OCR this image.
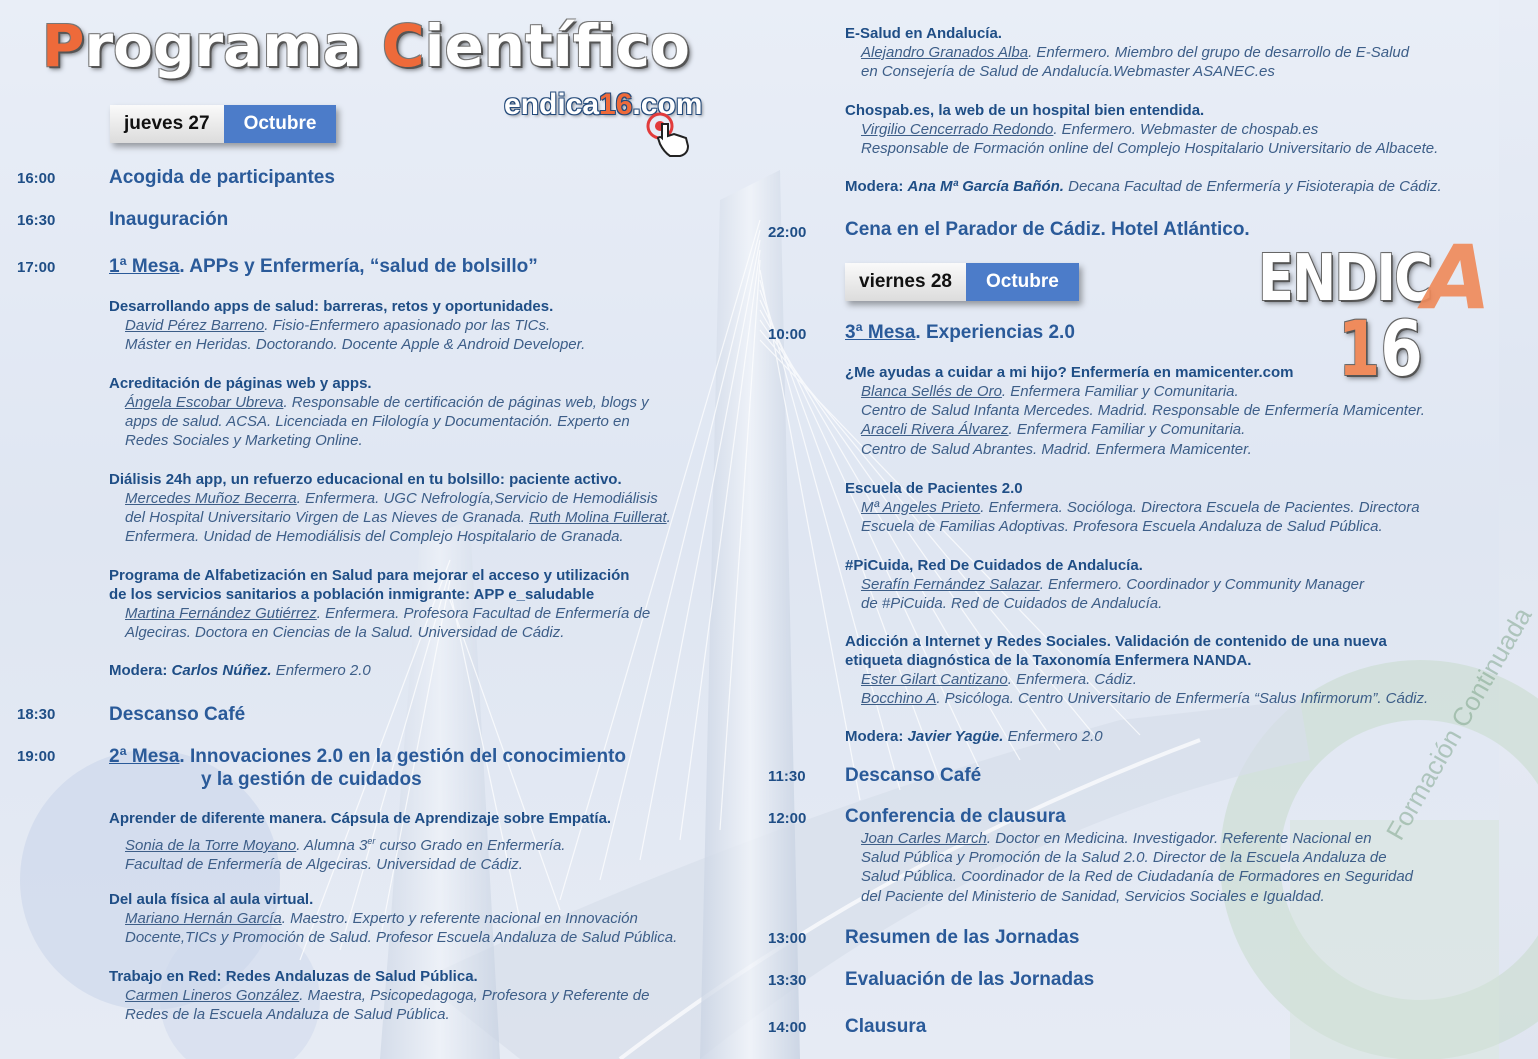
Formación Continuada
Programa Científico
endica16.com
jueves 27	Octubre
16:00	Acogida de participantes
16:30	Inauguración
17:00	1ª Mesa. APPs y Enfermería, “salud de bolsillo”
Desarrollando apps de salud: barreras, retos y oportunidades.
David Pérez Barreno. Fisio-Enfermero apasionado por las TICs.
Máster en Heridas. Doctorando. Docente Apple & Android Developer.
Acreditación de páginas web y apps.
Ángela Escobar Ubreva. Responsable de certificación de páginas web, blogs y
apps de salud. ACSA. Licenciada en Filología y Documentación. Experto en
Redes Sociales y Marketing Online.
Diálisis 24h app, un refuerzo educacional en tu bolsillo: paciente activo.
Mercedes Muñoz Becerra. Enfermera. UGC Nefrología,Servicio de Hemodiálisis
del Hospital Universitario Virgen de Las Nieves de Granada. Ruth Molina Fuillerat.
Enfermera. Unidad de Hemodiálisis del Complejo Hospitalario de Granada.
Programa de Alfabetización en Salud para mejorar el acceso y utilización
de los servicios sanitarios a población inmigrante: APP e_saludable
Martina Fernández Gutiérrez. Enfermera. Profesora Facultad de Enfermería de
Algeciras. Doctora en Ciencias de la Salud. Universidad de Cádiz.
Modera: Carlos Núñez. Enfermero 2.0
18:30	Descanso Café
19:00	2ª Mesa. Innovaciones 2.0 en la gestión del conocimiento
y la gestión de cuidados
Aprender de diferente manera. Cápsula de Aprendizaje sobre Empatía.
Sonia de la Torre Moyano. Alumna 3er curso Grado en Enfermería.
Facultad de Enfermería de Algeciras. Universidad de Cádiz.
Del aula física al aula virtual.
Mariano Hernán García. Maestro. Experto y referente nacional en Innovación
Docente,TICs y Promoción de Salud. Profesor Escuela Andaluza de Salud Pública.
Trabajo en Red: Redes Andaluzas de Salud Pública.
Carmen Lineros González. Maestra, Psicopedagoga, Profesora y Referente de
Redes de la Escuela Andaluza de Salud Pública.
E-Salud en Andalucía.
Alejandro Granados Alba. Enfermero. Miembro del grupo de desarrollo de E-Salud
en Consejería de Salud de Andalucía.Webmaster ASANEC.es
Chospab.es, la web de un hospital bien entendida.
Virgilio Cencerrado Redondo. Enfermero. Webmaster de chospab.es
Responsable de Formación online del Complejo Hospitalario Universitario de Albacete.
Modera: Ana Mª García Bañón. Decana Facultad de Enfermería y Fisioterapia de Cádiz.
22:00 Cena en el Parador de Cádiz. Hotel Atlántico.
viernes 28	Octubre	ENDIC
A
16
10:00 3ª Mesa. Experiencias 2.0
¿Me ayudas a cuidar a mi hijo? Enfermería en mamicenter.com
Blanca Sellés de Oro. Enfermera Familiar y Comunitaria.
Centro de Salud Infanta Mercedes. Madrid. Responsable de Enfermería Mamicenter.
Araceli Rivera Álvarez. Enfermera Familiar y Comunitaria.
Centro de Salud Abrantes. Madrid. Enfermera Mamicenter.
Escuela de Pacientes 2.0
Mª Angeles Prieto. Enfermera. Socióloga. Directora Escuela de Pacientes. Directora
Escuela de Familias Adoptivas. Profesora Escuela Andaluza de Salud Pública.
#PiCuida, Red De Cuidados de Andalucía.
Serafín Fernández Salazar. Enfermero. Coordinador y Community Manager
de #PiCuida. Red de Cuidados de Andalucía.
Adicción a Internet y Redes Sociales. Validación de contenido de una nueva
etiqueta diagnóstica de la Taxonomía Enfermera NANDA.
Ester Gilart Cantizano. Enfermera. Cádiz.
Bocchino A. Psicóloga. Centro Universitario de Enfermería “Salus Infirmorum”. Cádiz.
Modera: Javier Yagüe. Enfermero 2.0
11:30 Descanso Café
12:00 Conferencia de clausura
Joan Carles March. Doctor en Medicina. Investigador. Referente Nacional en
Salud Pública y Promoción de la Salud 2.0. Director de la Escuela Andaluza de
Salud Pública. Coordinador de la Red de Ciudadanía de Formadores en Seguridad
del Paciente del Ministerio de Sanidad, Servicios Sociales e Igualdad.
13:00 Resumen de las Jornadas
13:30 Evaluación de las Jornadas
14:00 Clausura
